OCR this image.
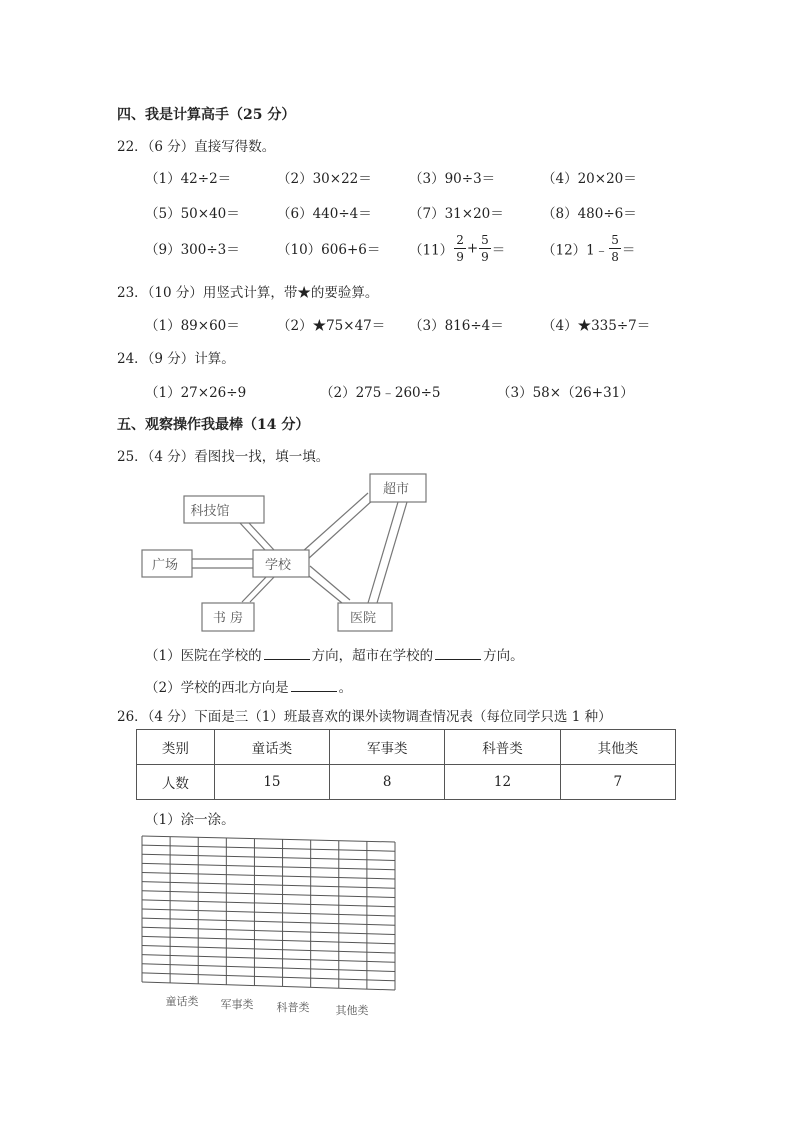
四、我是计算高手（25 分）
22．（6 分）直接写得数。
（1）42÷2＝	（2）30×22＝	（3）90÷3＝	（4）20×20＝
（5）50×40＝	（6）440÷4＝	（7）31×20＝	（8）480÷6＝
（9）300÷3＝	$(10)606+6= (11) \frac{2}{9} + \frac{5}{9}$ ＝	（12）1﹣ $\frac{5}{8}$ ＝
23．（10 分）用竖式计算，带★的要验算。
（1）89×60＝	（2）★75×47＝ （3）816÷4＝	（4）★335÷7＝
24．（9 分）计算。
（1）27×26÷9	（2）275﹣260÷5	（3）58×（26+31）
五、观察操作我最棒（14 分）
25．（4 分）看图找一找，填一填。
科技馆
超市
广场	学校
书 房	医院
（1）医院在学校的	方向，超市在学校的	方向。
（2）学校的西北方向是	。
26．（4 分）下面是三（1）班最喜欢的课外读物调查情况表（每位同学只选 1 种）
类别	童话类	军事类	科普类	其他类
人数	15	8	12	7
（1）涂一涂。
童话类 军事类 科普类 其他类
